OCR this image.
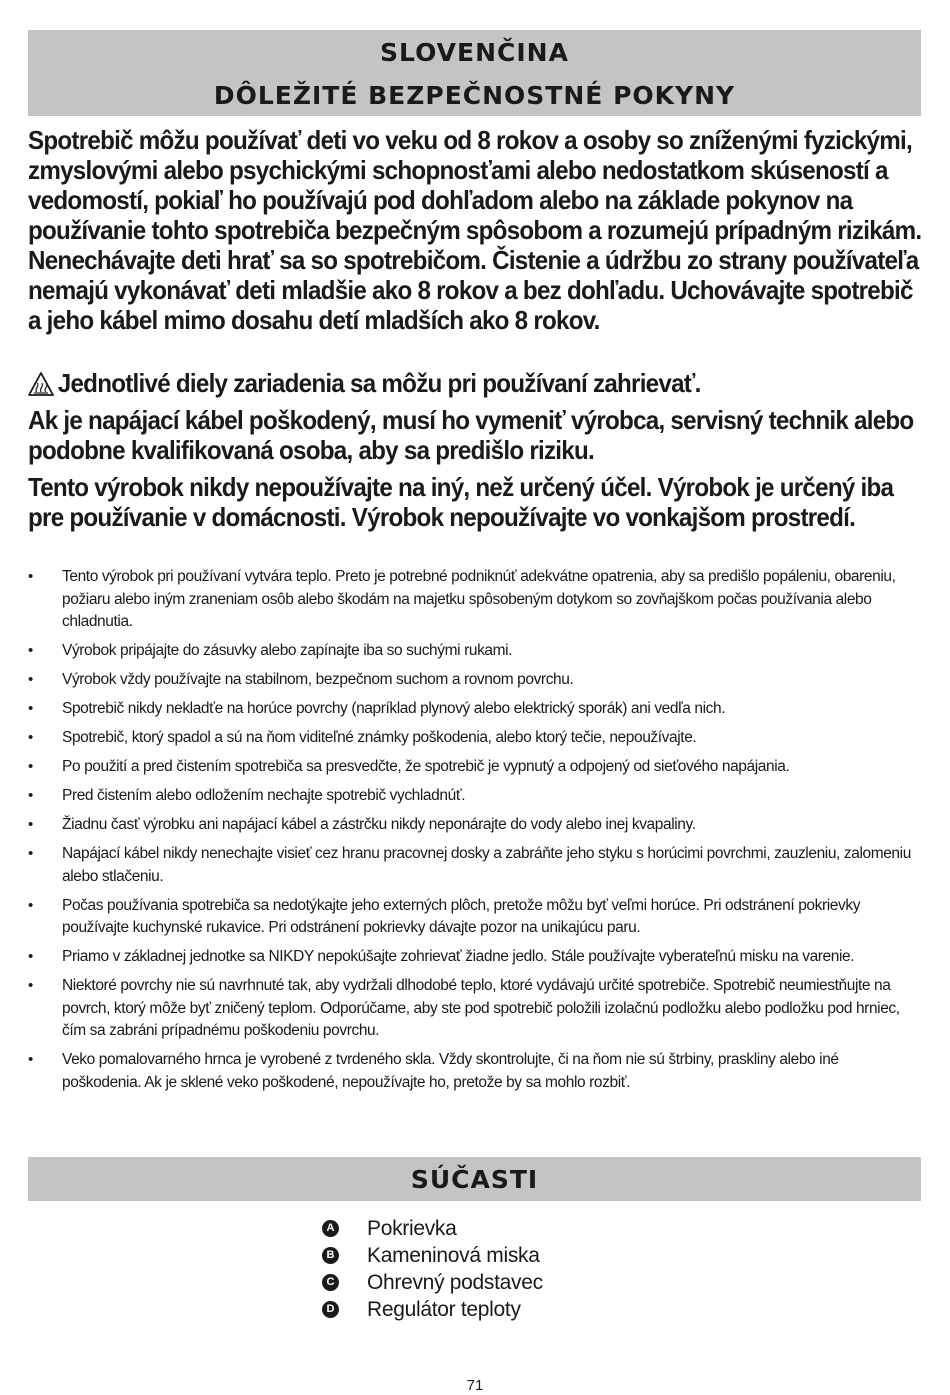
SLOVENČINA
DÔLEŽITÉ BEZPEČNOSTNÉ POKYNY
Spotrebič môžu používať deti vo veku od 8 rokov a osoby so zníženými fyzickými, zmyslovými alebo psychickými schopnosťami alebo nedostatkom skúseností a vedomostí, pokiaľ ho používajú pod dohľadom alebo na základe pokynov na používanie tohto spotrebiča bezpečným spôsobom a rozumejú prípadným rizikám. Nenechávajte deti hrať sa so spotrebičom. Čistenie a údržbu zo strany používateľa nemajú vykonávať deti mladšie ako 8 rokov a bez dohľadu. Uchovávajte spotrebič a jeho kábel mimo dosahu detí mladších ako 8 rokov.
Jednotlivé diely zariadenia sa môžu pri používaní zahrievať.
Ak je napájací kábel poškodený, musí ho vymeniť výrobca, servisný technik alebo podobne kvalifikovaná osoba, aby sa predišlo riziku.
Tento výrobok nikdy nepoužívajte na iný, než určený účel. Výrobok je určený iba pre používanie v domácnosti. Výrobok nepoužívajte vo vonkajšom prostredí.
• Tento výrobok pri používaní vytvára teplo. Preto je potrebné podniknúť adekvátne opatrenia, aby sa predišlo popáleniu, obareniu, požiaru alebo iným zraneniam osôb alebo škodám na majetku spôsobeným dotykom so zovňajškom počas používania alebo chladnutia.
• Výrobok pripájajte do zásuvky alebo zapínajte iba so suchými rukami.
• Výrobok vždy používajte na stabilnom, bezpečnom suchom a rovnom povrchu.
• Spotrebič nikdy nekladťe na horúce povrchy (napríklad plynový alebo elektrický sporák) ani vedľa nich.
• Spotrebič, ktorý spadol a sú na ňom viditeľné známky poškodenia, alebo ktorý tečie, nepoužívajte.
• Po použití a pred čistením spotrebiča sa presvedčte, že spotrebič je vypnutý a odpojený od sieťového napájania.
• Pred čistením alebo odložením nechajte spotrebič vychladnúť.
• Žiadnu časť výrobku ani napájací kábel a zástrčku nikdy neponárajte do vody alebo inej kvapaliny.
• Napájací kábel nikdy nenechajte visieť cez hranu pracovnej dosky a zabráňte jeho styku s horúcimi povrchmi, zauzleniu, zalomeniu alebo stlačeniu.
• Počas používania spotrebiča sa nedotýkajte jeho externých plôch, pretože môžu byť veľmi horúce. Pri odstránení pokrievky používajte kuchynské rukavice. Pri odstránení pokrievky dávajte pozor na unikajúcu paru.
• Priamo v základnej jednotke sa NIKDY nepokúšajte zohrievať žiadne jedlo. Stále používajte vyberateľnú misku na varenie.
• Niektoré povrchy nie sú navrhnuté tak, aby vydržali dlhodobé teplo, ktoré vydávajú určité spotrebiče. Spotrebič neumiestňujte na povrch, ktorý môže byť zničený teplom. Odporúčame, aby ste pod spotrebič položili izolačnú podložku alebo podložku pod hrniec, čím sa zabráni prípadnému poškodeniu povrchu.
• Veko pomalovarného hrnca je vyrobené z tvrdeného skla. Vždy skontrolujte, či na ňom nie sú štrbiny, praskliny alebo iné poškodenia. Ak je sklené veko poškodené, nepoužívajte ho, pretože by sa mohlo rozbiť.
SÚČASTI
A Pokrievka
B Kameninová miska
C Ohrevný podstavec
D Regulátor teploty
71
